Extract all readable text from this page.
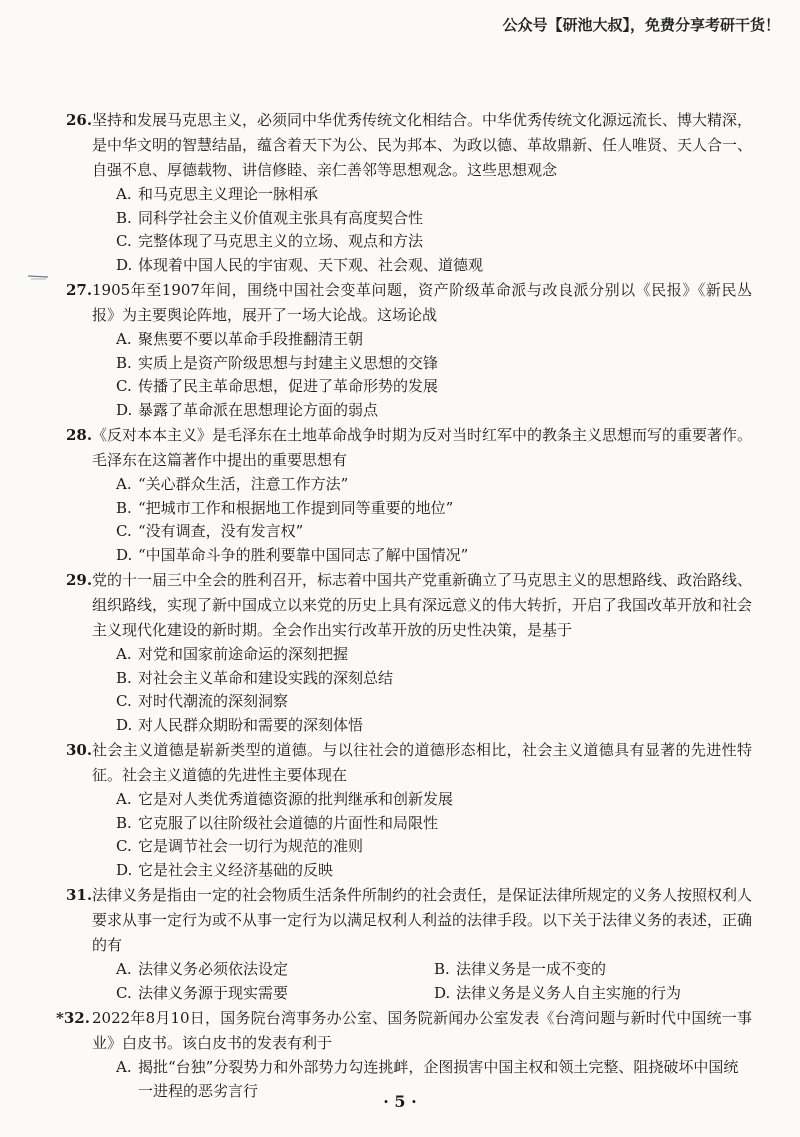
公众号【研池大叔】，免费分享考研干货！
26. 坚持和发展马克思主义，必须同中华优秀传统文化相结合。中华优秀传统文化源远流长、博大精深，是中华文明的智慧结晶，蕴含着天下为公、民为邦本、为政以德、革故鼎新、任人唯贤、天人合一、自强不息、厚德载物、讲信修睦、亲仁善邻等思想观念。这些思想观念
A. 和马克思主义理论一脉相承
B. 同科学社会主义价值观主张具有高度契合性
C. 完整体现了马克思主义的立场、观点和方法
D. 体现着中国人民的宇宙观、天下观、社会观、道德观
27. 1905年至1907年间，围绕中国社会变革问题，资产阶级革命派与改良派分别以《民报》《新民丛报》为主要舆论阵地，展开了一场大论战。这场论战
A. 聚焦要不要以革命手段推翻清王朝
B. 实质上是资产阶级思想与封建主义思想的交锋
C. 传播了民主革命思想，促进了革命形势的发展
D. 暴露了革命派在思想理论方面的弱点
28. 《反对本本主义》是毛泽东在土地革命战争时期为反对当时红军中的教条主义思想而写的重要著作。毛泽东在这篇著作中提出的重要思想有
A. “关心群众生活，注意工作方法”
B. “把城市工作和根据地工作提到同等重要的地位”
C. “没有调查，没有发言权”
D. “中国革命斗争的胜利要靠中国同志了解中国情况”
29. 党的十一届三中全会的胜利召开，标志着中国共产党重新确立了马克思主义的思想路线、政治路线、组织路线，实现了新中国成立以来党的历史上具有深远意义的伟大转折，开启了我国改革开放和社会主义现代化建设的新时期。全会作出实行改革开放的历史性决策，是基于
A. 对党和国家前途命运的深刻把握
B. 对社会主义革命和建设实践的深刻总结
C. 对时代潮流的深刻洞察
D. 对人民群众期盼和需要的深刻体悟
30. 社会主义道德是崭新类型的道德。与以往社会的道德形态相比，社会主义道德具有显著的先进性特征。社会主义道德的先进性主要体现在
A. 它是对人类优秀道德资源的批判继承和创新发展
B. 它克服了以往阶级社会道德的片面性和局限性
C. 它是调节社会一切行为规范的准则
D. 它是社会主义经济基础的反映
31. 法律义务是指由一定的社会物质生活条件所制约的社会责任，是保证法律所规定的义务人按照权利人要求从事一定行为或不从事一定行为以满足权利人利益的法律手段。以下关于法律义务的表述，正确的有
A. 法律义务必须依法设定	B. 法律义务是一成不变的
C. 法律义务源于现实需要	D. 法律义务是义务人自主实施的行为
*32. 2022年8月10日，国务院台湾事务办公室、国务院新闻办公室发表《台湾问题与新时代中国统一事业》白皮书。该白皮书的发表有利于
A. 揭批“台独”分裂势力和外部势力勾连挑衅，企图损害中国主权和领土完整、阻挠破坏中国统一进程的恶劣言行
· 5 ·
